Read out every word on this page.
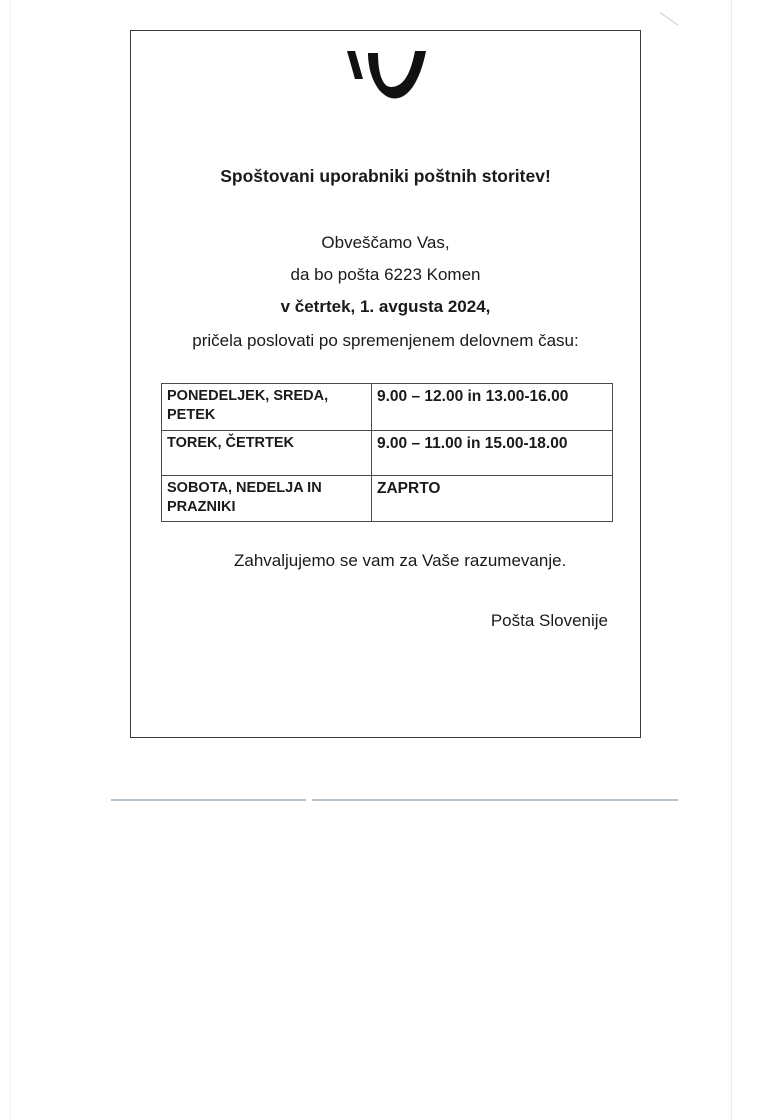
Spoštovani uporabniki poštnih storitev!

Obveščamo Vas,

da bo pošta 6223 Komen

v četrtek, 1. avgusta 2024,

pričela poslovati po spremenjenem delovnem času:

PONEDELJEK, SREDA, PETEK	9.00 – 12.00 in 13.00-16.00
TOREK, ČETRTEK	9.00 – 11.00 in 15.00-18.00
SOBOTA, NEDELJA IN PRAZNIKI	ZAPRTO

Zahvaljujemo se vam za Vaše razumevanje.

Pošta Slovenije
